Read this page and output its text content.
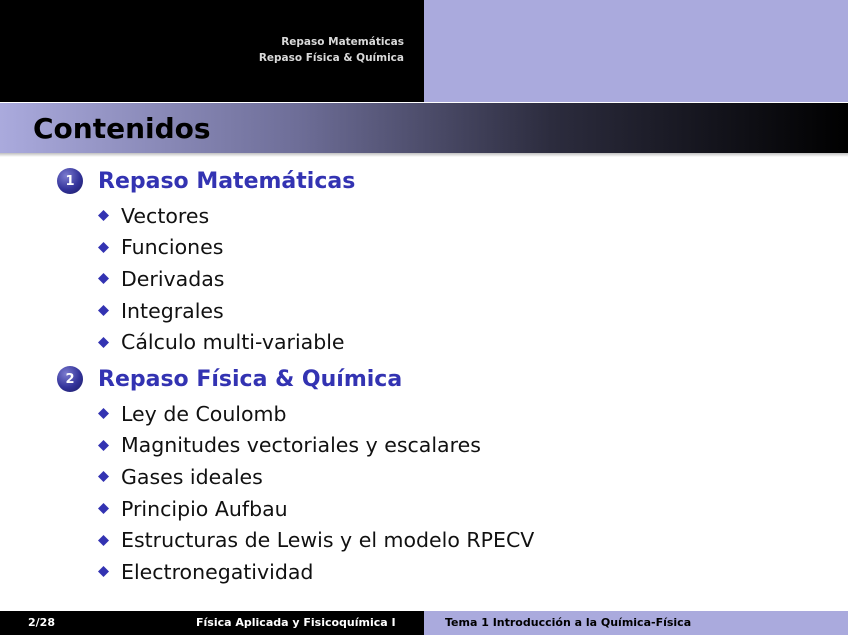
Repaso Matemáticas
Repaso Física & Química
Contenidos
1 Repaso Matemáticas
Vectores
Funciones
Derivadas
Integrales
Cálculo multi-variable
2 Repaso Física & Química
Ley de Coulomb
Magnitudes vectoriales y escalares
Gases ideales
Principio Aufbau
Estructuras de Lewis y el modelo RPECV
Electronegatividad
2/28	Física Aplicada y Fisicoquímica I	Tema 1 Introducción a la Química-Física
